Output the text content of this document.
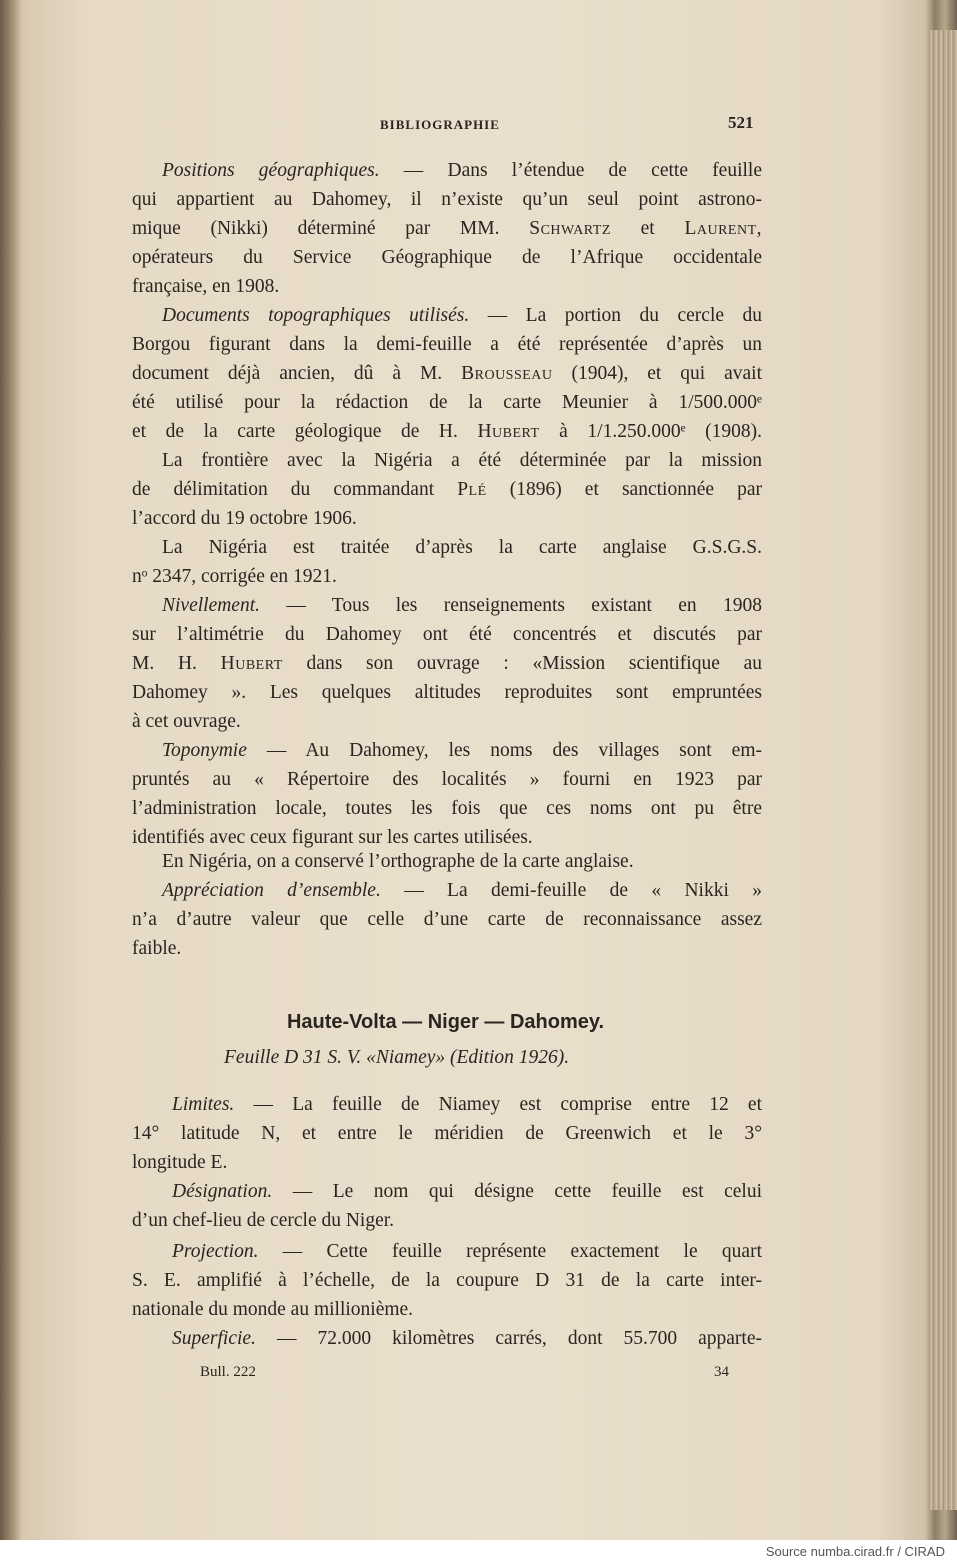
BIBLIOGRAPHIE	521

Positions géographiques. — Dans l’étendue de cette feuille

qui appartient au Dahomey, il n’existe qu’un seul point astrono-

mique (Nikki) déterminé par MM. Schwartz et Laurent,

opérateurs du Service Géographique de l’Afrique occidentale

française, en 1908.

Documents topographiques utilisés. — La portion du cercle du

Borgou figurant dans la demi-feuille a été représentée d’après un

document déjà ancien, dû à M. Brousseau (1904), et qui avait

été utilisé pour la rédaction de la carte Meunier à 1/500.000ᵉ

et de la carte géologique de H. Hubert à 1/1.250.000ᵉ (1908).

La frontière avec la Nigéria a été déterminée par la mission

de délimitation du commandant Plé (1896) et sanctionnée par

l’accord du 19 octobre 1906.

La Nigéria est traitée d’après la carte anglaise G.S.G.S.

nᵒ 2347, corrigée en 1921.

Nivellement. — Tous les renseignements existant en 1908

sur l’altimétrie du Dahomey ont été concentrés et discutés par

M. H. Hubert dans son ouvrage : «Mission scientifique au

Dahomey ». Les quelques altitudes reproduites sont empruntées

à cet ouvrage.

Toponymie — Au Dahomey, les noms des villages sont em-

pruntés au « Répertoire des localités » fourni en 1923 par

l’administration locale, toutes les fois que ces noms ont pu être

identifiés avec ceux figurant sur les cartes utilisées.

En Nigéria, on a conservé l’orthographe de la carte anglaise.

Appréciation d’ensemble. — La demi-feuille de « Nikki »

n’a d’autre valeur que celle d’une carte de reconnaissance assez

faible.

Haute-Volta — Niger — Dahomey.
Feuille D 31 S. V. «Niamey» (Edition 1926).

Limites. — La feuille de Niamey est comprise entre 12 et

14° latitude N, et entre le méridien de Greenwich et le 3°

longitude E.

Désignation. — Le nom qui désigne cette feuille est celui

d’un chef-lieu de cercle du Niger.

Projection. — Cette feuille représente exactement le quart

S. E. amplifié à l’échelle, de la coupure D 31 de la carte inter-

nationale du monde au millionième.

Superficie. — 72.000 kilomètres carrés, dont 55.700 apparte-

Bull. 222	34
Source numba.cirad.fr / CIRAD
